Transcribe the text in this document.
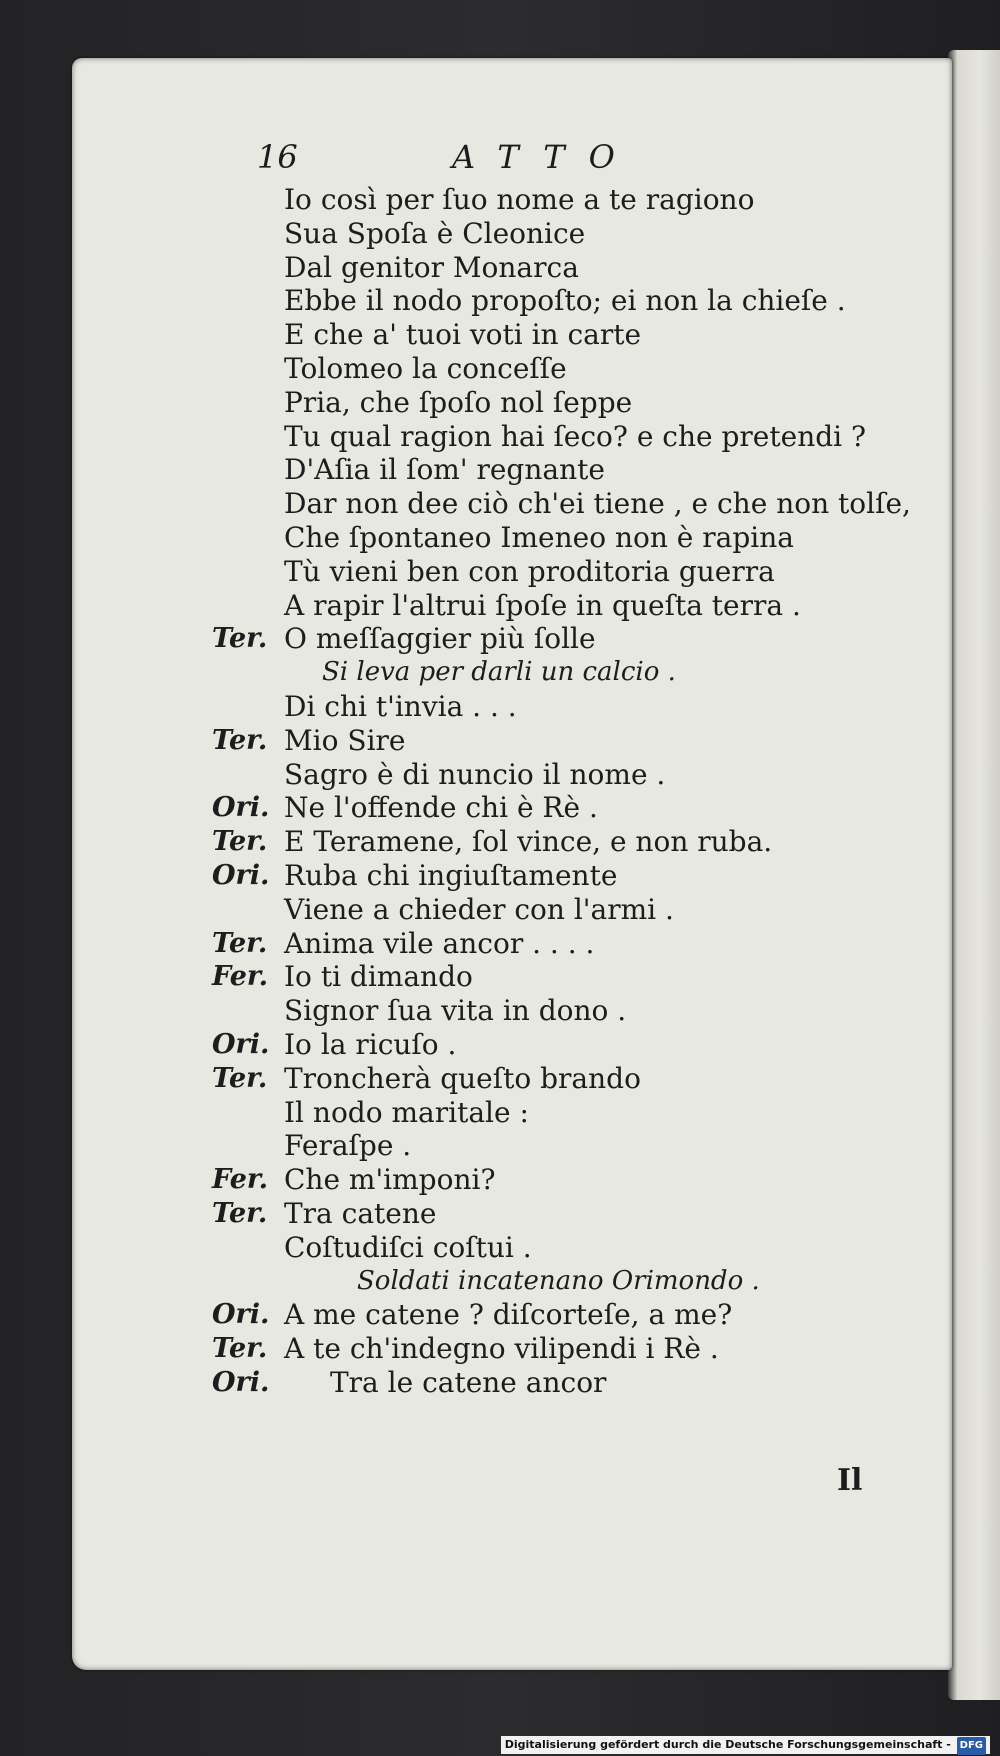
16	ATTO
Io così per ſuo nome a te ragiono
Sua Spoſa è Cleonice
Dal genitor Monarca
Ebbe il nodo propoſto; ei non la chieſe .
E che a' tuoi voti in carte
Tolomeo la conceſſe
Pria, che ſpoſo nol ſeppe
Tu qual ragion hai ſeco? e che pretendi ?
D'Aſia il ſom' regnante
Dar non dee ciò ch'ei tiene , e che non tolſe,
Che ſpontaneo Imeneo non è rapina
Tù vieni ben con proditoria guerra
A rapir l'altrui ſpoſe in queſta terra .
Ter. O meſſaggier più ſolle
Si leva per darli un calcio .
Di chi t'invia . . .
Ter. Mio Sire
Sagro è di nuncio il nome .
Ori. Ne l'offende chi è Rè .
Ter. E Teramene, ſol vince, e non ruba.
Ori. Ruba chi ingiuſtamente
Viene a chieder con l'armi .
Ter. Anima vile ancor . . . .
Fer. Io ti dimando
Signor ſua vita in dono .
Ori. Io la ricuſo .
Ter. Troncherà queſto brando
Il nodo maritale :
Feraſpe .
Fer. Che m'imponi?
Ter. Tra catene
Coſtudiſci coſtui .
Soldati incatenano Orimondo .
Ori. A me catene ? diſcorteſe, a me?
Ter. A te ch'indegno vilipendi i Rè .
Ori. Tra le catene ancor
Il
Digitalisierung gefördert durch die Deutsche Forschungsgemeinschaft - DFG
